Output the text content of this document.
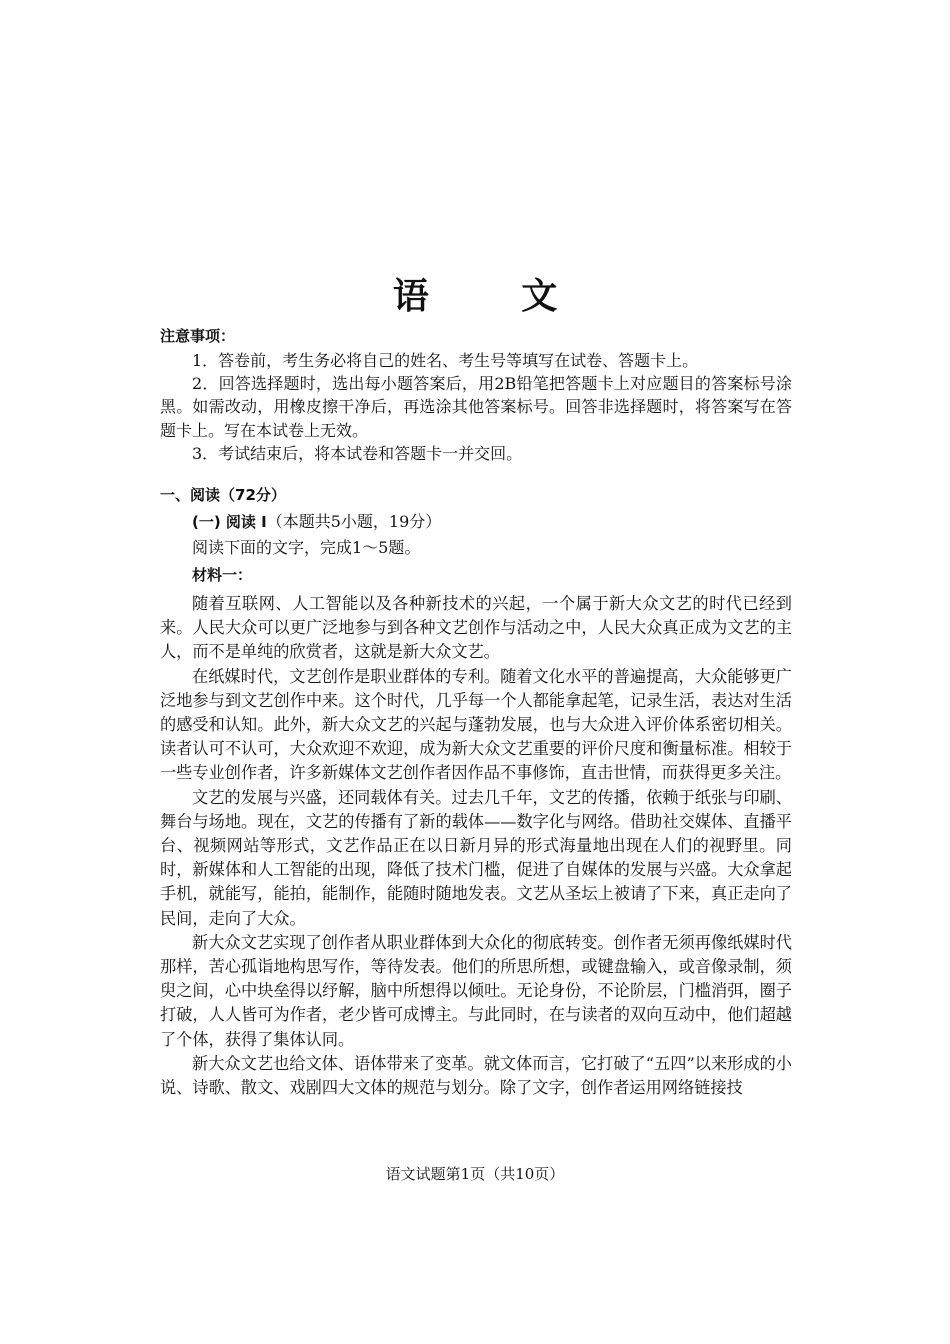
语 文
注意事项：

1．答卷前，考生务必将自己的姓名、考生号等填写在试卷、答题卡上。

2．回答选择题时，选出每小题答案后，用2B铅笔把答题卡上对应题目的答案标号涂黑。如需改动，用橡皮擦干净后，再选涂其他答案标号。回答非选择题时，将答案写在答题卡上。写在本试卷上无效。

3．考试结束后，将本试卷和答题卡一并交回。

一、阅读（72分）
(一) 阅读 I（本题共5小题，19分）
阅读下面的文字，完成1～5题。
材料一：

随着互联网、人工智能以及各种新技术的兴起，一个属于新大众文艺的时代已经到来。人民大众可以更广泛地参与到各种文艺创作与活动之中，人民大众真正成为文艺的主人，而不是单纯的欣赏者，这就是新大众文艺。

在纸媒时代，文艺创作是职业群体的专利。随着文化水平的普遍提高，大众能够更广泛地参与到文艺创作中来。这个时代，几乎每一个人都能拿起笔，记录生活，表达对生活的感受和认知。此外，新大众文艺的兴起与蓬勃发展，也与大众进入评价体系密切相关。读者认可不认可，大众欢迎不欢迎，成为新大众文艺重要的评价尺度和衡量标准。相较于一些专业创作者，许多新媒体文艺创作者因作品不事修饰，直击世情，而获得更多关注。

文艺的发展与兴盛，还同载体有关。过去几千年，文艺的传播，依赖于纸张与印刷、舞台与场地。现在，文艺的传播有了新的载体——数字化与网络。借助社交媒体、直播平台、视频网站等形式，文艺作品正在以日新月异的形式海量地出现在人们的视野里。同时，新媒体和人工智能的出现，降低了技术门槛，促进了自媒体的发展与兴盛。大众拿起手机，就能写，能拍，能制作，能随时随地发表。文艺从圣坛上被请了下来，真正走向了民间，走向了大众。

新大众文艺实现了创作者从职业群体到大众化的彻底转变。创作者无须再像纸媒时代那样，苦心孤诣地构思写作，等待发表。他们的所思所想，或键盘输入，或音像录制，须臾之间，心中块垒得以纾解，脑中所想得以倾吐。无论身份，不论阶层，门槛消弭，圈子打破，人人皆可为作者，老少皆可成博主。与此同时，在与读者的双向互动中，他们超越了个体，获得了集体认同。

新大众文艺也给文体、语体带来了变革。就文体而言，它打破了“五四”以来形成的小说、诗歌、散文、戏剧四大文体的规范与划分。除了文字，创作者运用网络链接技

语文试题第1页（共10页）
